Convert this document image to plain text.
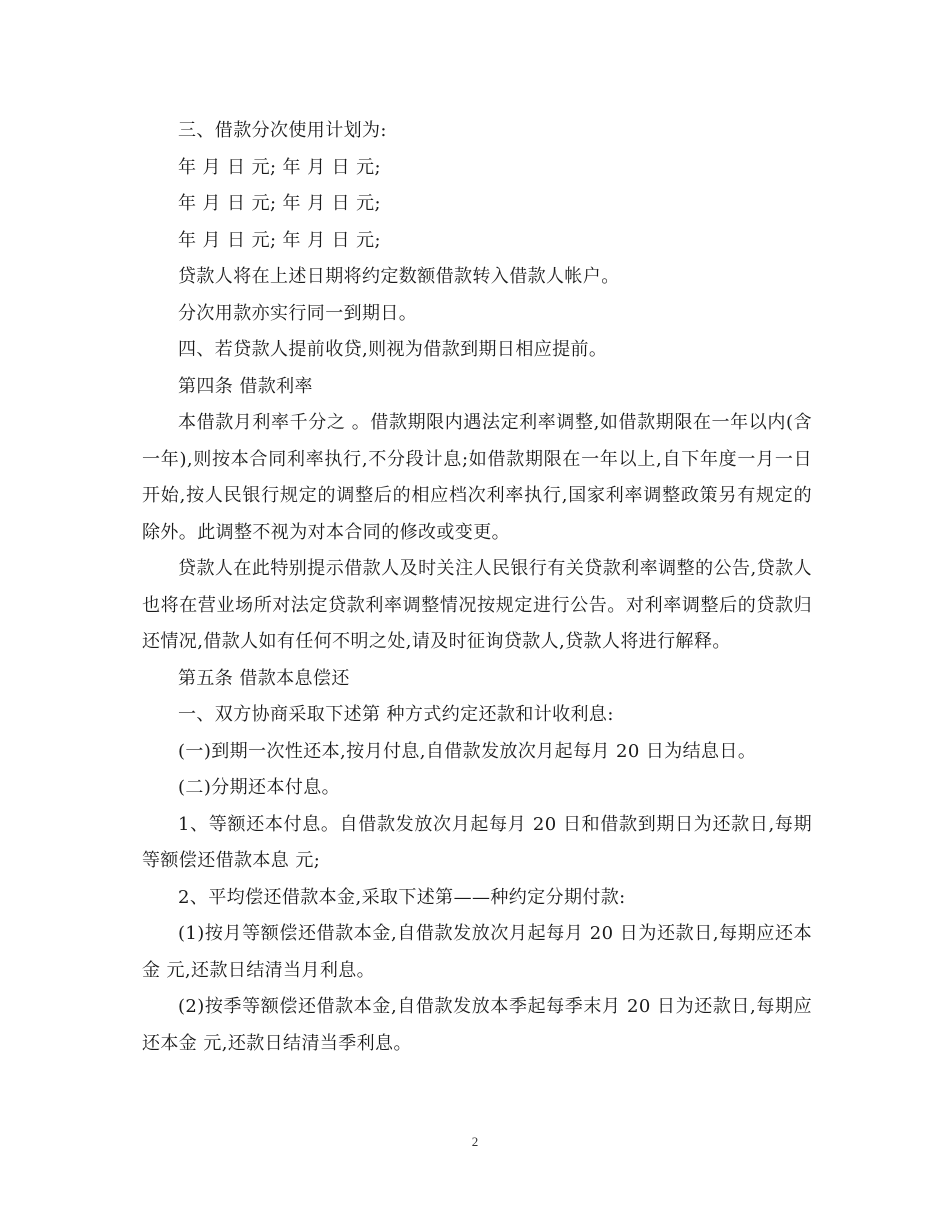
三、借款分次使用计划为:

年 月 日 元; 年 月 日 元;

年 月 日 元; 年 月 日 元;

年 月 日 元; 年 月 日 元;

贷款人将在上述日期将约定数额借款转入借款人帐户。

分次用款亦实行同一到期日。

四、若贷款人提前收贷,则视为借款到期日相应提前。

第四条 借款利率

本借款月利率千分之 。借款期限内遇法定利率调整,如借款期限在一年以内(含一年),则按本合同利率执行,不分段计息;如借款期限在一年以上,自下年度一月一日开始,按人民银行规定的调整后的相应档次利率执行,国家利率调整政策另有规定的除外。此调整不视为对本合同的修改或变更。

贷款人在此特别提示借款人及时关注人民银行有关贷款利率调整的公告,贷款人也将在营业场所对法定贷款利率调整情况按规定进行公告。对利率调整后的贷款归还情况,借款人如有任何不明之处,请及时征询贷款人,贷款人将进行解释。

第五条 借款本息偿还

一、双方协商采取下述第 种方式约定还款和计收利息:

(一)到期一次性还本,按月付息,自借款发放次月起每月 20 日为结息日。

(二)分期还本付息。

1、等额还本付息。自借款发放次月起每月 20 日和借款到期日为还款日,每期等额偿还借款本息 元;

2、平均偿还借款本金,采取下述第——种约定分期付款:

(1)按月等额偿还借款本金,自借款发放次月起每月 20 日为还款日,每期应还本金 元,还款日结清当月利息。

(2)按季等额偿还借款本金,自借款发放本季起每季末月 20 日为还款日,每期应还本金 元,还款日结清当季利息。

2
